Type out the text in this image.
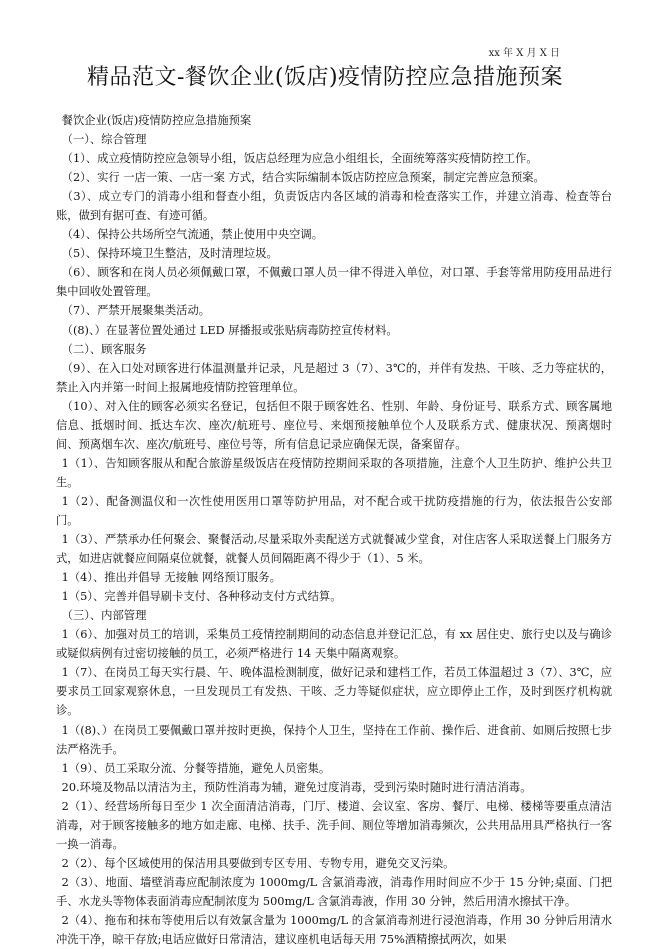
xx 年 X 月 X 日
精品范文-餐饮企业(饭店)疫情防控应急措施预案

餐饮企业(饭店)疫情防控应急措施预案

（一）、综合管理

（1）、成立疫情防控应急领导小组，饭店总经理为应急小组组长，全面统筹落实疫情防控工作。

（2）、实行 一店一策、一店一案 方式，结合实际编制本饭店防控应急预案，制定完善应急预案。

（3）、成立专门的消毒小组和督查小组，负责饭店内各区域的消毒和检查落实工作，并建立消毒、检查等台账，做到有据可查、有迹可循。

（4）、保持公共场所空气流通，禁止使用中央空调。

（5）、保持环境卫生整洁，及时清理垃圾。

（6）、顾客和在岗人员必须佩戴口罩，不佩戴口罩人员一律不得进入单位，对口罩、手套等常用防疫用品进行集中回收处置管理。

（7）、严禁开展聚集类活动。

（(8)、）在显著位置处通过 LED 屏播报或张贴病毒防控宣传材料。

（二）、顾客服务

（9）、在入口处对顾客进行体温测量并记录，凡是超过 3（7）、3℃的，并伴有发热、干咳、乏力等症状的，禁止入内并第一时间上报属地疫情防控管理单位。

（10）、对入住的顾客必须实名登记，包括但不限于顾客姓名、性别、年龄、身份证号、联系方式、顾客属地信息、抵烟时间、抵达车次、座次/航班号、座位号、来烟预接触单位个人及联系方式、健康状况、预离烟时间、预离烟车次、座次/航班号、座位号等，所有信息记录应确保无误，备案留存。

1（1）、告知顾客服从和配合旅游星级饭店在疫情防控期间采取的各项措施，注意个人卫生防护、维护公共卫生。

1（2）、配备测温仪和一次性使用医用口罩等防护用品，对不配合或干扰防疫措施的行为，依法报告公安部门。

1（3）、严禁承办任何聚会、聚餐活动,尽量采取外卖配送方式就餐减少堂食，对住店客人采取送餐上门服务方式，如进店就餐应间隔桌位就餐，就餐人员间隔距离不得少于（1）、5 米。

1（4）、推出并倡导 无接触 网络预订服务。

1（5）、完善并倡导刷卡支付、各种移动支付方式结算。

（三）、内部管理

1（6）、加强对员工的培训，采集员工疫情控制期间的动态信息并登记汇总，有 xx 居住史、旅行史以及与确诊或疑似病例有过密切接触的员工，必须严格进行 14 天集中隔离观察。

1（7）、在岗员工每天实行晨、午、晚体温检测制度，做好记录和建档工作，若员工体温超过 3（7）、3℃，应要求员工回家观察休息，一旦发现员工有发热、干咳、乏力等疑似症状，应立即停止工作，及时到医疗机构就诊。

1（(8)、）在岗员工要佩戴口罩并按时更换，保持个人卫生，坚持在工作前、操作后、进食前、如厕后按照七步法严格洗手。

1（9）、员工采取分流、分餐等措施，避免人员密集。

20.环境及物品以清洁为主，预防性消毒为辅，避免过度消毒，受到污染时随时进行清洁消毒。

2（1）、经营场所每日至少 1 次全面清洁消毒，门厅、楼道、会议室、客房、餐厅、电梯、楼梯等要重点清洁消毒，对于顾客接触多的地方如走廊、电梯、扶手、洗手间、厕位等增加消毒频次，公共用品用具严格执行一客一换一消毒。

2（2）、每个区域使用的保洁用具要做到专区专用、专物专用，避免交叉污染。

2（3）、地面、墙壁消毒应配制浓度为 1000mg/L 含氯消毒液，消毒作用时间应不少于 15 分钟;桌面、门把手、水龙头等物体表面消毒应配制浓度为 500mg/L 含氯消毒液，作用 30 分钟，然后用清水擦拭干净。

2（4）、拖布和抹布等使用后以有效氯含量为 1000mg/L 的含氯消毒剂进行浸泡消毒，作用 30 分钟后用清水冲洗干净，晾干存放;电话应做好日常清洁，建议座机电话每天用 75%酒精擦拭两次，如果
